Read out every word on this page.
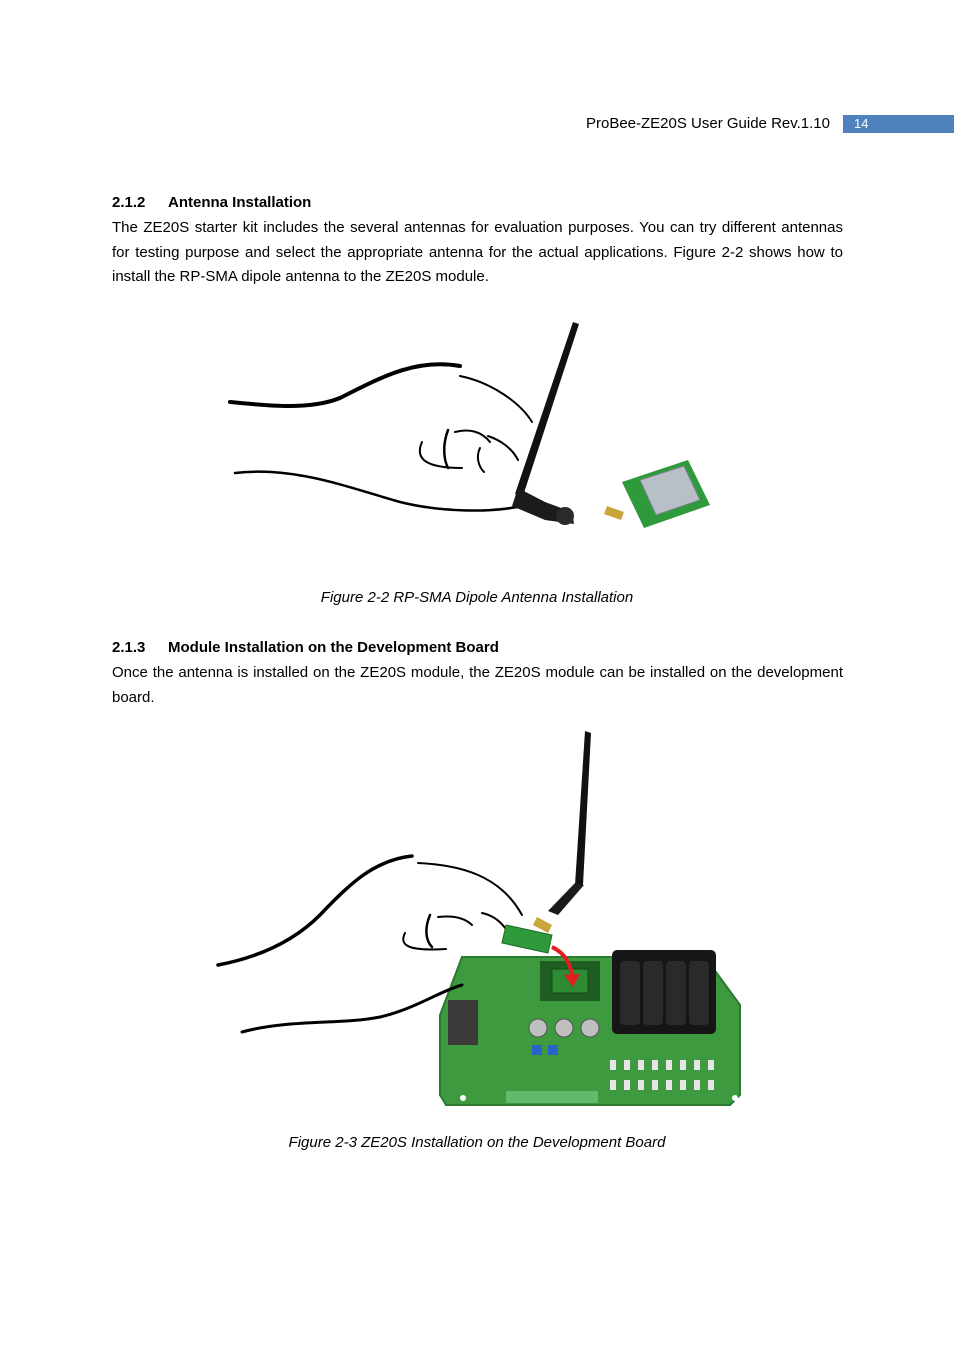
ProBee-ZE20S User Guide Rev.1.10	14
2.1.2 Antenna Installation

The ZE20S starter kit includes the several antennas for evaluation purposes. You can try different antennas for testing purpose and select the appropriate antenna for the actual applications. Figure 2-2 shows how to install the RP-SMA dipole antenna to the ZE20S module.

Figure 2-2 RP-SMA Dipole Antenna Installation
2.1.3 Module Installation on the Development Board

Once the antenna is installed on the ZE20S module, the ZE20S module can be installed on the development board.

Figure 2-3 ZE20S Installation on the Development Board
